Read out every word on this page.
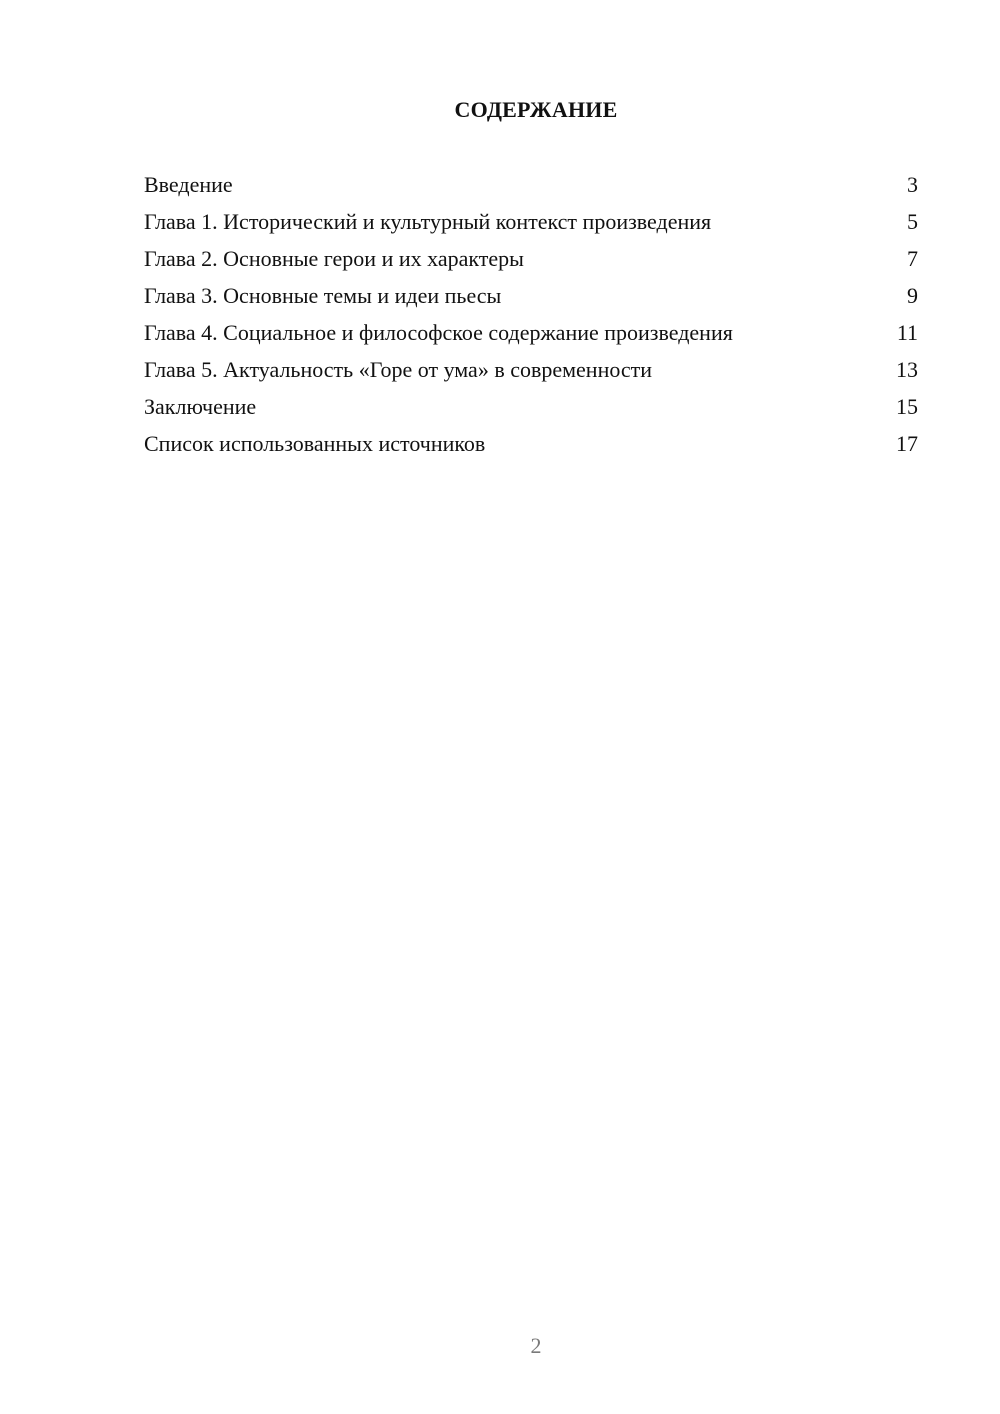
СОДЕРЖАНИЕ
Введение	3
Глава 1. Исторический и культурный контекст произведения	5
Глава 2. Основные герои и их характеры	7
Глава 3. Основные темы и идеи пьесы	9
Глава 4. Социальное и философское содержание произведения	11
Глава 5. Актуальность «Горе от ума» в современности	13
Заключение	15
Список использованных источников	17
2
